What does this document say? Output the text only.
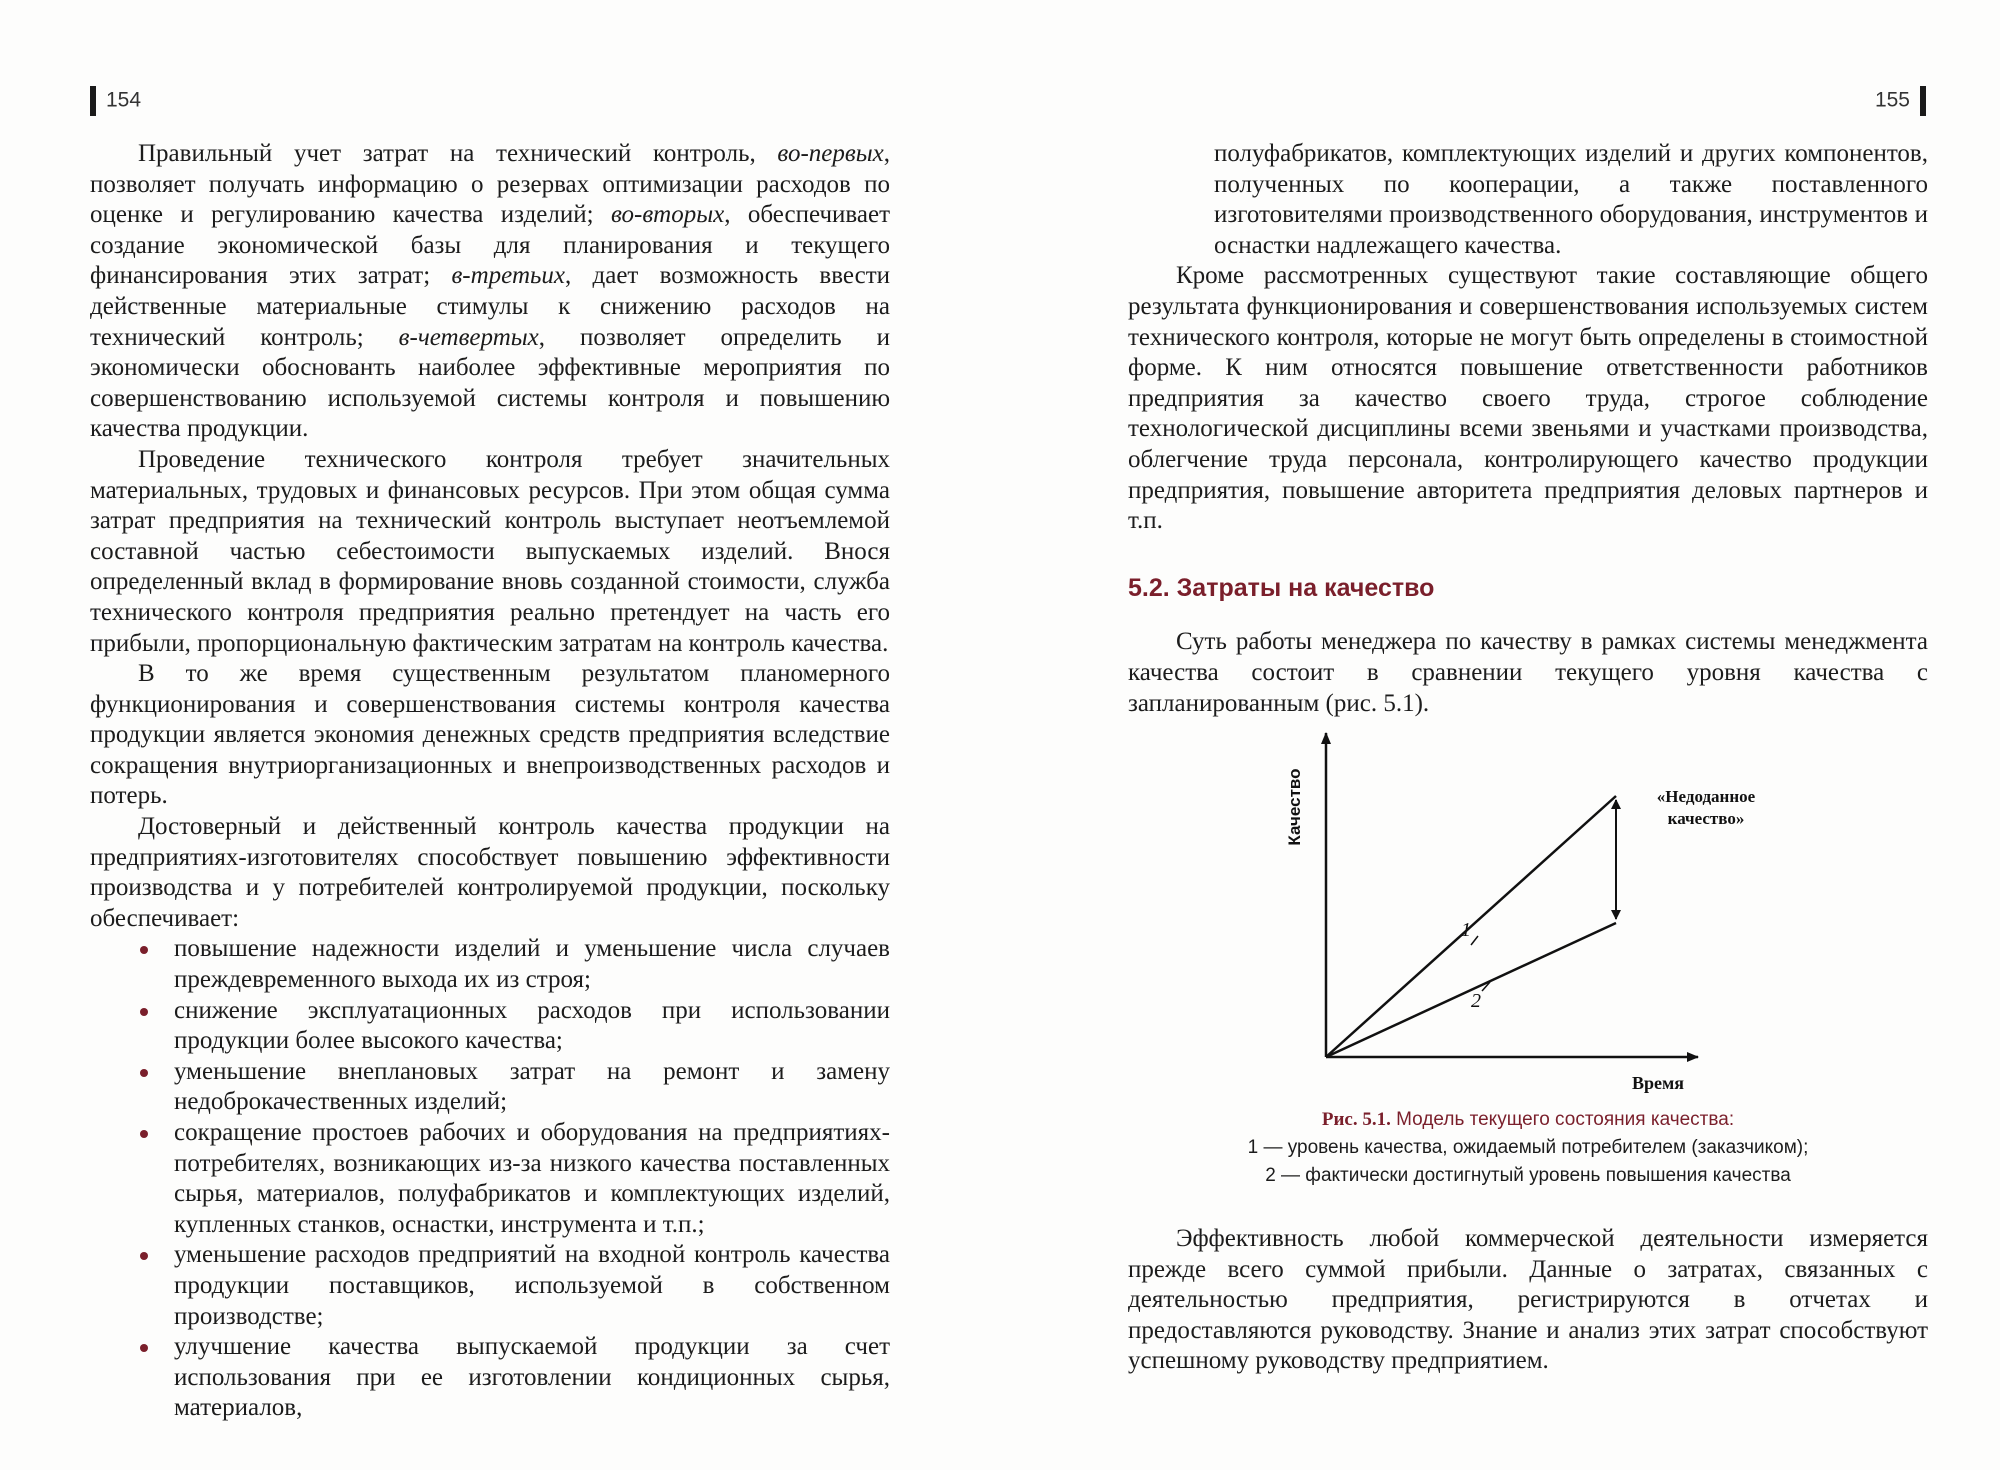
154

Правильный учет затрат на технический контроль, во-первых, позволяет получать информацию о резервах оптимизации расходов по оценке и регулированию качества изделий; во-вторых, обеспечивает создание экономической базы для планирования и текущего финансирования этих затрат; в-третьих, дает возможность ввести действенные материальные стимулы к снижению расходов на технический контроль; в-четвертых, позволяет определить и экономически обоснованть наиболее эффективные мероприятия по совершенствованию используемой системы контроля и повышению качества продукции.

Проведение технического контроля требует значительных материальных, трудовых и финансовых ресурсов. При этом общая сумма затрат предприятия на технический контроль выступает неотъемлемой составной частью себестоимости выпускаемых изделий. Внося определенный вклад в формирование вновь созданной стоимости, служба технического контроля предприятия реально претендует на часть его прибыли, пропорциональную фактическим затратам на контроль качества.

В то же время существенным результатом планомерного функционирования и совершенствования системы контроля качества продукции является экономия денежных средств предприятия вследствие сокращения внутриорганизационных и внепроизводственных расходов и потерь.

Достоверный и действенный контроль качества продукции на предприятиях-изготовителях способствует повышению эффективности производства и у потребителей контролируемой продукции, поскольку обеспечивает:

повышение надежности изделий и уменьшение числа случаев преждевременного выхода их из строя;
снижение эксплуатационных расходов при использовании продукции более высокого качества;
уменьшение внеплановых затрат на ремонт и замену недоброкачественных изделий;
сокращение простоев рабочих и оборудования на предприятиях-потребителях, возникающих из-за низкого качества поставленных сырья, материалов, полуфабрикатов и комплектующих изделий, купленных станков, оснастки, инструмента и т.п.;
уменьшение расходов предприятий на входной контроль качества продукции поставщиков, используемой в собственном производстве;
улучшение качества выпускаемой продукции за счет использования при ее изготовлении кондиционных сырья, материалов,
155

полуфабрикатов, комплектующих изделий и других компонентов, полученных по кооперации, а также поставленного изготовителями производственного оборудования, инструментов и оснастки надлежащего качества.

Кроме рассмотренных существуют такие составляющие общего результата функционирования и совершенствования используемых систем технического контроля, которые не могут быть определены в стоимостной форме. К ним относятся повышение ответственности работников предприятия за качество своего труда, строгое соблюдение технологической дисциплины всеми звеньями и участками производства, облегчение труда персонала, контролирующего качество продукции предприятия, повышение авторитета предприятия деловых партнеров и т.п.

5.2. Затраты на качество

Суть работы менеджера по качеству в рамках системы менеджмента качества состоит в сравнении текущего уровня качества с запланированным (рис. 5.1).

Качество
Время
«Недоданное
качество»
1
2
Рис. 5.1. Модель текущего состояния качества:
1 — уровень качества, ожидаемый потребителем (заказчиком);
2 — фактически достигнутый уровень повышения качества

Эффективность любой коммерческой деятельности измеряется прежде всего суммой прибыли. Данные о затратах, связанных с деятельностью предприятия, регистрируются в отчетах и предоставляются руководству. Знание и анализ этих затрат способствуют успешному руководству предприятием.
